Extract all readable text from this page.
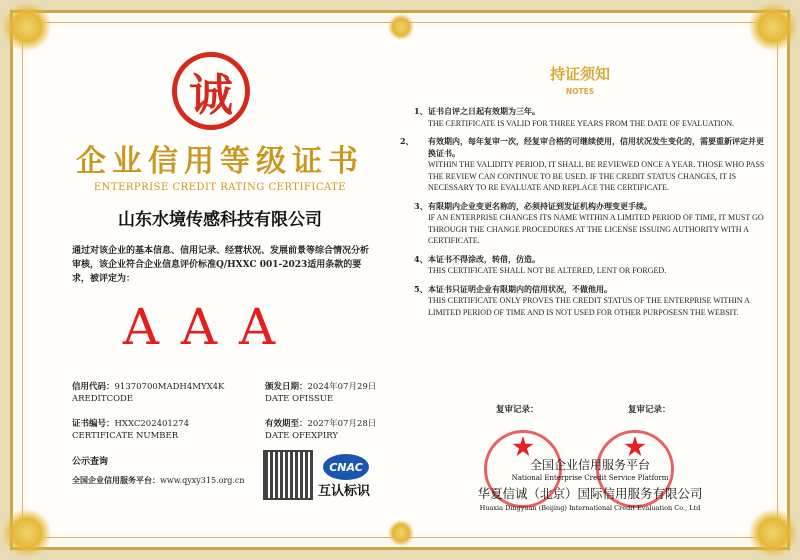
诚
企业信用等级证书
ENTERPRISE CREDIT RATING CERTIFICATE
山东水境传感科技有限公司
通过对该企业的基本信息、信用记录、经营状况、发展前景等综合情况分析审核，该企业符合企业信息评价标准Q/HXXC 001-2023适用条款的要求，被评定为：
AAA
信用代码：91370700MADH4MYX4K
AREDITCODE
颁发日期：2024年07月29日
DATE OFISSUE
证书编号：HXXC202401274
CERTIFICATE NUMBER
有效期至：2027年07月28日
DATE OFEXPIRY
公示查询
全国企业信用服务平台：www.qyxy315.org.cn
CNAC
互认标识
持证须知
NOTES
1、证书自评之日起有效期为三年。
THE CERTIFICATE IS VALID FOR THREE YEARS FROM THE DATE OF EVALUATION.
2、 有效期内，每年复审一次，经复审合格的可继续使用，信用状况发生变化的，需要重新评定并更换证书。
WITHIN THE VALIDITY PERIOD, IT SHALL BE REVIEWED ONCE A YEAR. THOSE WHO PASS THE REVIEW CAN CONTINUE TO BE USED. IF THE CREDIT STATUS CHANGES, IT IS NECESSARY TO RE EVALUATE AND REPLACE THE CERTIFICATE.
3、有限期内企业变更名称的，必须持证到发证机构办理变更手续。
IF AN ENTERPRISE CHANGES ITS NAME WITHIN A LIMITED PERIOD OF TIME, IT MUST GO THROUGH THE CHANGE PROCEDURES AT THE LICENSE ISSUING AUTHORITY WITH A CERTIFICATE.
4、本证书不得涂改，转借，仿造。
THIS CERTIFICATE SHALL NOT BE ALTERED, LENT OR FORGED.
5、本证书只证明企业有限期内的信用状况，不做他用。
THIS CERTIFICATE ONLY PROVES THE CREDIT STATUS OF THE ENTERPRISE WITHIN A LIMITED PERIOD OF TIME AND IS NOT USED FOR OTHER PURPOSESN THE WEBSIT.
复审记录：	复审记录：
全国企业信用服务平台
National Enterprise Credit Service Platform
华夏信诚（北京）国际信用服务有限公司
Huaxia Dingyuan (Beijing) International Credit Evaluation Co., Ltd
